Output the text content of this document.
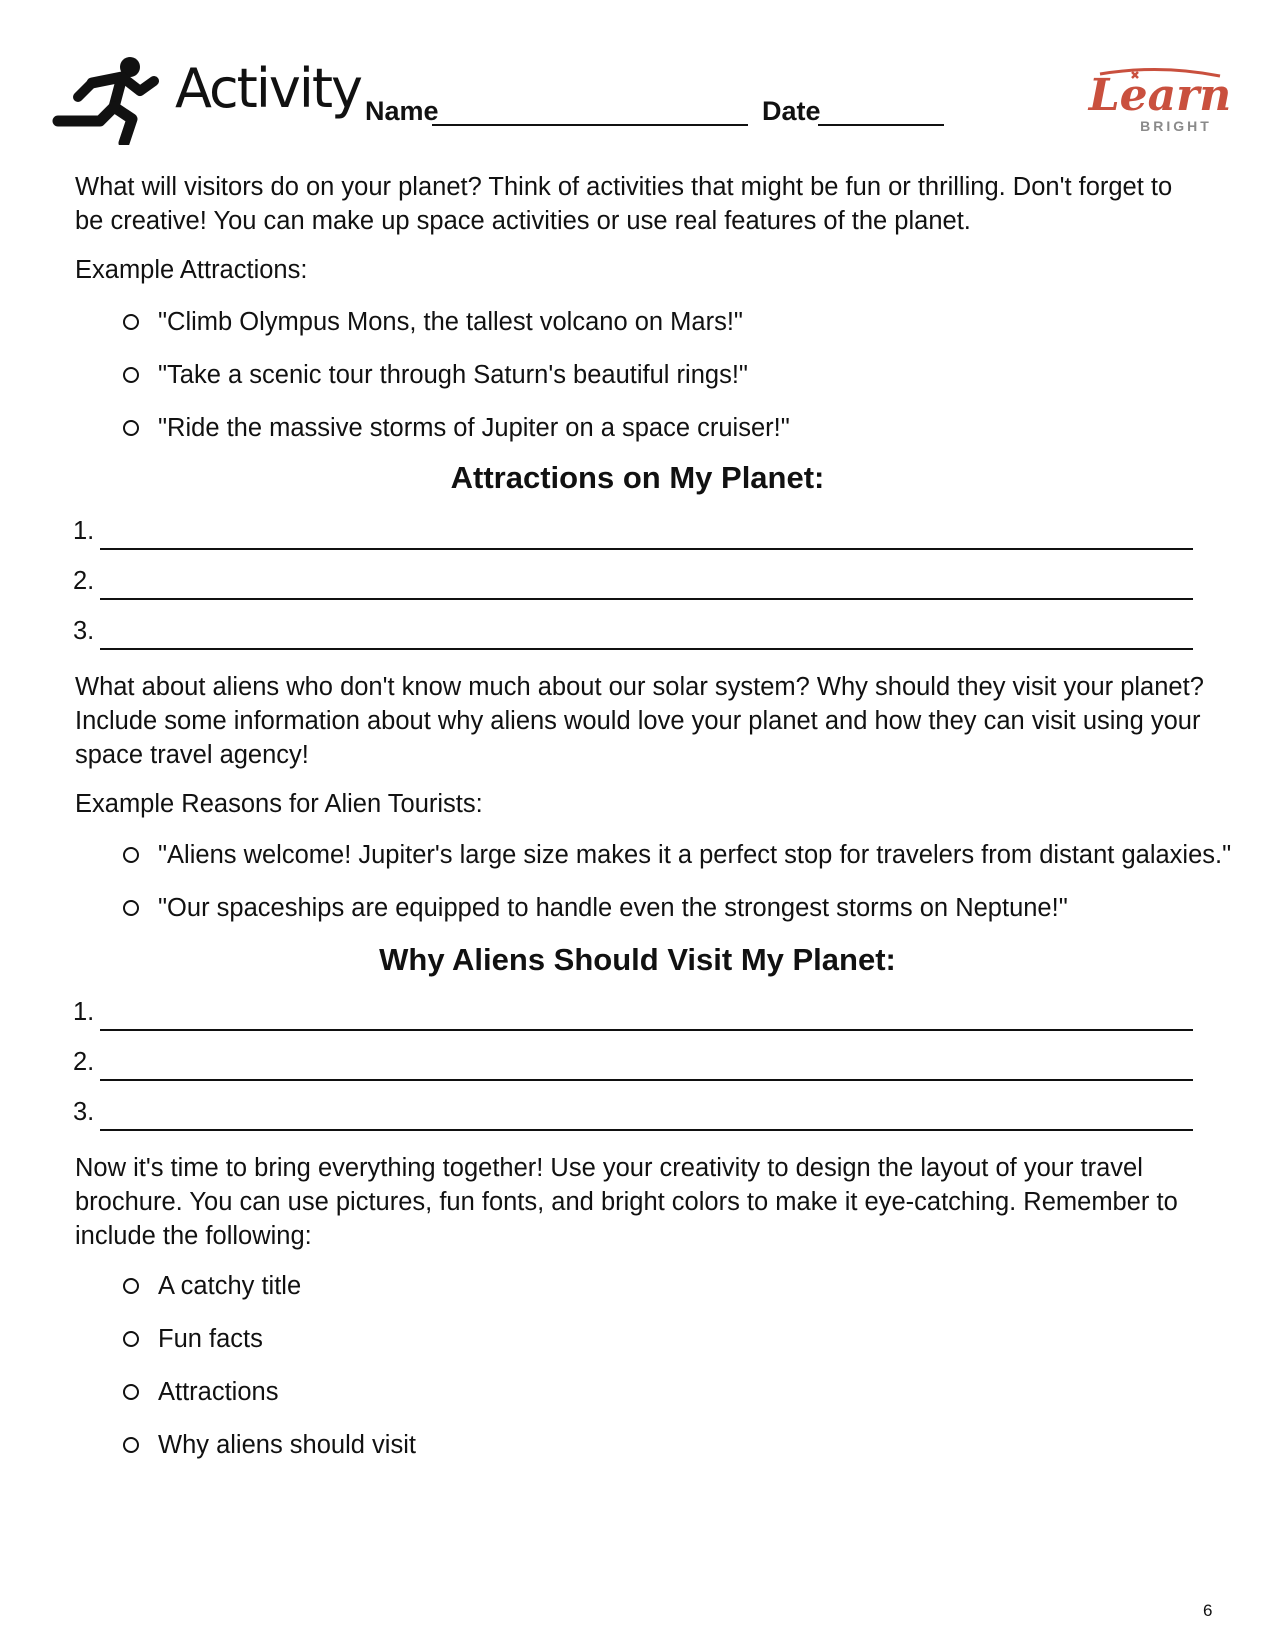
Activity Name	Date	Learn
BRIGHT
What will visitors do on your planet? Think of activities that might be fun or thrilling. Don't forget to be creative! You can make up space activities or use real features of the planet.
Example Attractions:
"Climb Olympus Mons, the tallest volcano on Mars!"
"Take a scenic tour through Saturn's beautiful rings!"
"Ride the massive storms of Jupiter on a space cruiser!"
Attractions on My Planet:
1.
2.
3.
What about aliens who don't know much about our solar system? Why should they visit your planet? Include some information about why aliens would love your planet and how they can visit using your space travel agency!
Example Reasons for Alien Tourists:
"Aliens welcome! Jupiter's large size makes it a perfect stop for travelers from distant galaxies."
"Our spaceships are equipped to handle even the strongest storms on Neptune!"
Why Aliens Should Visit My Planet:
1.
2.
3.
Now it's time to bring everything together! Use your creativity to design the layout of your travel brochure. You can use pictures, fun fonts, and bright colors to make it eye-catching. Remember to include the following:
A catchy title
Fun facts
Attractions
Why aliens should visit
6
